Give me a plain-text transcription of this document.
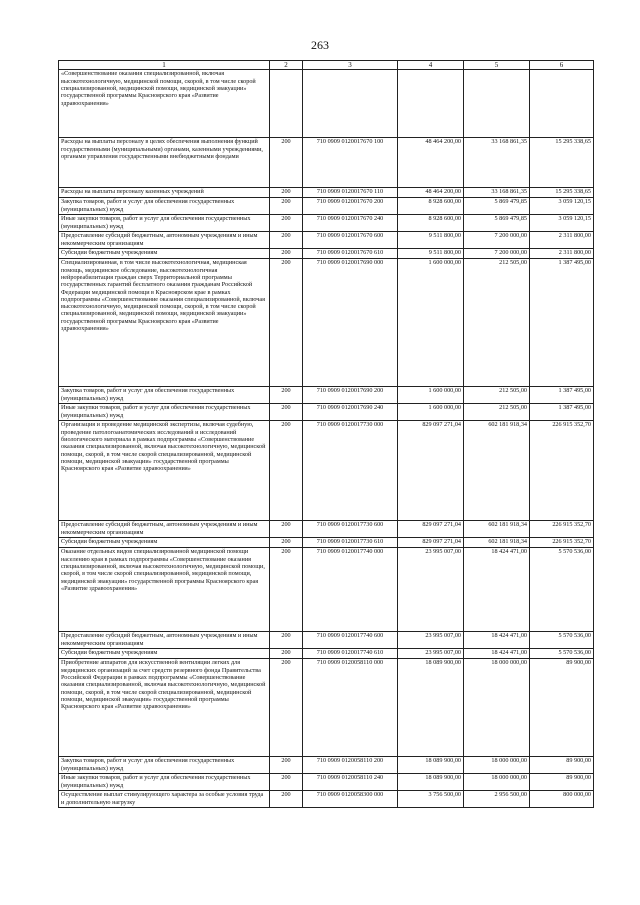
263
1	2	3	4	5	6
«Совершенствование оказания специализированной, включая высокотехнологичную, медицинской помощи, скорой, в том числе скорой специализированной, медицинской помощи, медицинской эвакуации» государственной программы Красноярского края «Развитие здравоохранения»					
Расходы на выплаты персоналу в целях обеспечения выполнения функций государственными (муниципальными) органами, казенными учреждениями, органами управления государственными внебюджетными фондами	200	710 0909 0120017670 100	48 464 200,00	33 168 861,35	15 295 338,65
Расходы на выплаты персоналу казенных учреждений	200	710 0909 0120017670 110	48 464 200,00	33 168 861,35	15 295 338,65
Закупка товаров, работ и услуг для обеспечения государственных (муниципальных) нужд	200	710 0909 0120017670 200	8 928 600,00	5 869 479,85	3 059 120,15
Иные закупки товаров, работ и услуг для обеспечения государственных (муниципальных) нужд	200	710 0909 0120017670 240	8 928 600,00	5 869 479,85	3 059 120,15
Предоставление субсидий бюджетным, автономным учреждениям и иным некоммерческим организациям	200	710 0909 0120017670 600	9 511 800,00	7 200 000,00	2 311 800,00
Субсидии бюджетным учреждениям	200	710 0909 0120017670 610	9 511 800,00	7 200 000,00	2 311 800,00
Специализированная, в том числе высокотехнологичная, медицинская помощь, медицинское обследование, высокотехнологичная нейрореабилитация граждан сверх Территориальной программы государственных гарантий бесплатного оказания гражданам Российской Федерации медицинской помощи в Красноярском крае в рамках подпрограммы «Совершенствование оказания специализированной, включая высокотехнологичную, медицинской помощи, скорой, в том числе скорой специализированной, медицинской помощи, медицинской эвакуации» государственной программы Красноярского края «Развитие здравоохранения»	200	710 0909 0120017690 000	1 600 000,00	212 505,00	1 387 495,00
Закупка товаров, работ и услуг для обеспечения государственных (муниципальных) нужд	200	710 0909 0120017690 200	1 600 000,00	212 505,00	1 387 495,00
Иные закупки товаров, работ и услуг для обеспечения государственных (муниципальных) нужд	200	710 0909 0120017690 240	1 600 000,00	212 505,00	1 387 495,00
Организация и проведение медицинской экспертизы, включая судебную, проведение патологоанатомических исследований и исследований биологического материала в рамках подпрограммы «Совершенствование оказания специализированной, включая высокотехнологичную, медицинской помощи, скорой, в том числе скорой специализированной, медицинской помощи, медицинской эвакуации» государственной программы Красноярского края «Развитие здравоохранения»	200	710 0909 0120017730 000	829 097 271,04	602 181 918,34	226 915 352,70
Предоставление субсидий бюджетным, автономным учреждениям и иным некоммерческим организациям	200	710 0909 0120017730 600	829 097 271,04	602 181 918,34	226 915 352,70
Субсидии бюджетным учреждениям	200	710 0909 0120017730 610	829 097 271,04	602 181 918,34	226 915 352,70
Оказание отдельных видов специализированной медицинской помощи населению края в рамках подпрограммы «Совершенствование оказания специализированной, включая высокотехнологичную, медицинской помощи, скорой, в том числе скорой специализированной, медицинской помощи, медицинской эвакуации» государственной программы Красноярского края «Развитие здравоохранения»	200	710 0909 0120017740 000	23 995 007,00	18 424 471,00	5 570 536,00
Предоставление субсидий бюджетным, автономным учреждениям и иным некоммерческим организациям	200	710 0909 0120017740 600	23 995 007,00	18 424 471,00	5 570 536,00
Субсидии бюджетным учреждениям	200	710 0909 0120017740 610	23 995 007,00	18 424 471,00	5 570 536,00
Приобретение аппаратов для искусственной вентиляции легких для медицинских организаций за счет средств резервного фонда Правительства Российской Федерации в рамках подпрограммы «Совершенствование оказания специализированной, включая высокотехнологичную, медицинской помощи, скорой, в том числе скорой специализированной, медицинской помощи, медицинской эвакуации» государственной программы Красноярского края «Развитие здравоохранения»	200	710 0909 0120058110 000	18 089 900,00	18 000 000,00	89 900,00
Закупка товаров, работ и услуг для обеспечения государственных (муниципальных) нужд	200	710 0909 0120058110 200	18 089 900,00	18 000 000,00	89 900,00
Иные закупки товаров, работ и услуг для обеспечения государственных (муниципальных) нужд	200	710 0909 0120058110 240	18 089 900,00	18 000 000,00	89 900,00
Осуществление выплат стимулирующего характера за особые условия труда и дополнительную нагрузку	200	710 0909 0120058300 000	3 756 500,00	2 956 500,00	800 000,00
